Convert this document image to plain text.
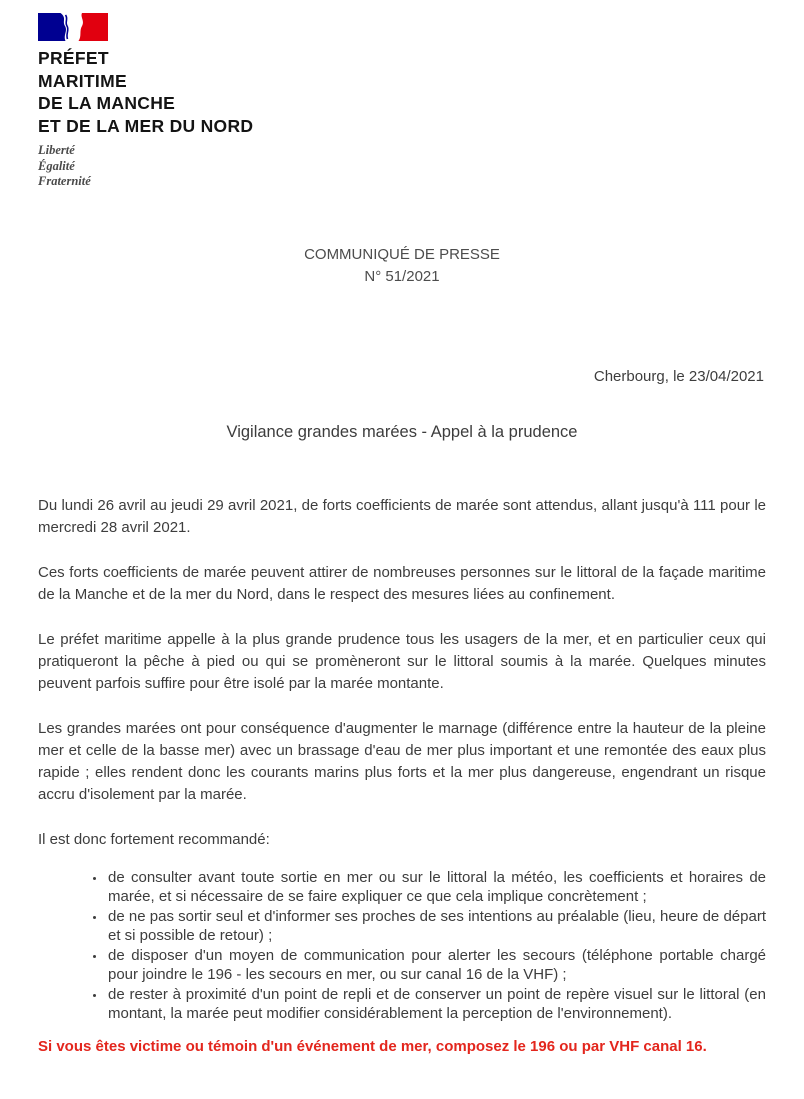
PRÉFET
MARITIME
DE LA MANCHE
ET DE LA MER DU NORD
Liberté
Égalité
Fraternité
COMMUNIQUÉ DE PRESSE
N° 51/2021
Cherbourg, le 23/04/2021
Vigilance grandes marées - Appel à la prudence

Du lundi 26 avril au jeudi 29 avril 2021, de forts coefficients de marée sont attendus, allant jusqu'à 111 pour le mercredi 28 avril 2021.

Ces forts coefficients de marée peuvent attirer de nombreuses personnes sur le littoral de la façade maritime de la Manche et de la mer du Nord, dans le respect des mesures liées au confinement.

Le préfet maritime appelle à la plus grande prudence tous les usagers de la mer, et en particulier ceux qui pratiqueront la pêche à pied ou qui se promèneront sur le littoral soumis à la marée. Quelques minutes peuvent parfois suffire pour être isolé par la marée montante.

Les grandes marées ont pour conséquence d'augmenter le marnage (différence entre la hauteur de la pleine mer et celle de la basse mer) avec un brassage d'eau de mer plus important et une remontée des eaux plus rapide ; elles rendent donc les courants marins plus forts et la mer plus dangereuse, engendrant un risque accru d'isolement par la marée.

Il est donc fortement recommandé:

• de consulter avant toute sortie en mer ou sur le littoral la météo, les coefficients et horaires de marée, et si nécessaire de se faire expliquer ce que cela implique concrètement ;
• de ne pas sortir seul et d'informer ses proches de ses intentions au préalable (lieu, heure de départ et si possible de retour) ;
• de disposer d'un moyen de communication pour alerter les secours (téléphone portable chargé pour joindre le 196 - les secours en mer, ou sur canal 16 de la VHF) ;
• de rester à proximité d'un point de repli et de conserver un point de repère visuel sur le littoral (en montant, la marée peut modifier considérablement la perception de l'environnement).
Si vous êtes victime ou témoin d'un événement de mer, composez le 196 ou par VHF canal 16.
